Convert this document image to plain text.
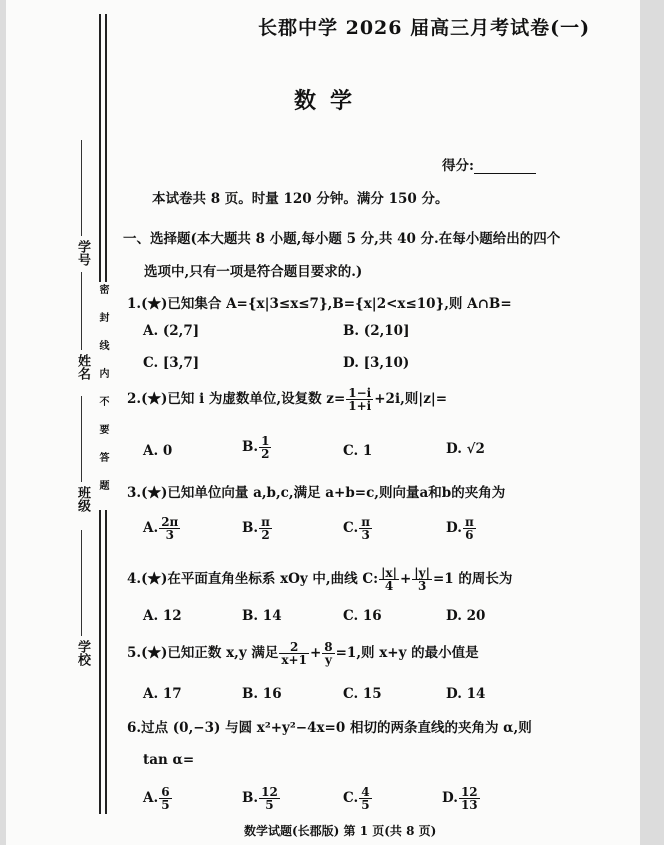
学号
姓名
班级
学校
密封线内不要答题
长郡中学 2026 届高三月考试卷(一)
数学
得分:
本试卷共 8 页。时量 120 分钟。满分 150 分。
一、选择题(本大题共 8 小题,每小题 5 分,共 40 分.在每小题给出的四个
选项中,只有一项是符合题目要求的.)
1.(★)已知集合 A={x|3≤x≤7},B={x|2<x≤10},则 A∩B=
A. (2,7]	B. (2,10]
C. [3,7]	D. [3,10)
2.(★)已知 i 为虚数单位,设复数 $z= \frac{1-i}{1+i} +2i$,则|z|=
A. 0	B. $\frac{1}{2}$	C. 1	D. √2
3.(★)已知单位向量 a,b,c,满足 a+b=c,则向量a和b的夹角为
A. $\frac{2\pi}{3}$	B. $\frac{\pi}{2}$	C. $\frac{\pi}{3}$	D. $\frac{\pi}{6}$
4.(★)在平面直角坐标系 xOy 中,曲线 C: $\frac{|x|}{4} + \frac{|y|}{3} =1$ 的周长为
A. 12	B. 14	C. 16	D. 20
5.(★)已知正数 x,y 满足 $\frac{2}{x+1} + \frac{8}{y} =1$,则 x+y 的最小值是
A. 17	B. 16	C. 15	D. 14
6.过点 (0,−3) 与圆 x²+y²−4x=0 相切的两条直线的夹角为 α,则
tan α=
A. $\frac{6}{5}$	B. $\frac{12}{5}$	C. $\frac{4}{5}$	D. $\frac{12}{13}$
数学试题(长郡版) 第 1 页(共 8 页)
